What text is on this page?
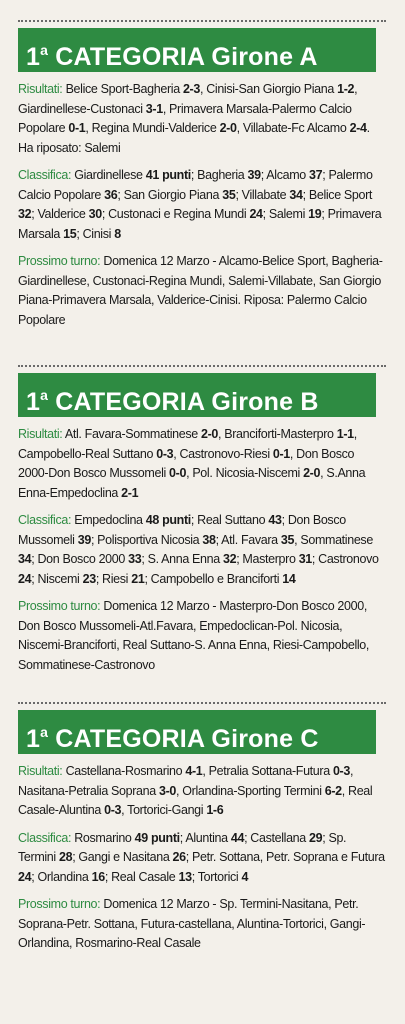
1$^a$ CATEGORIA Girone A
Risultati: Belice Sport-Bagheria 2-3, Cinisi-San Giorgio Piana 1-2, Giardinellese-Custonaci 3-1, Primavera Marsala-Palermo Calcio Popolare 0-1, Regina Mundi-Valderice 2-0, Villabate-Fc Alcamo 2-4. Ha riposato: Salemi
Classifica: Giardinellese 41 punti; Bagheria 39; Alcamo 37; Palermo Calcio Popolare 36; San Giorgio Piana 35; Villabate 34; Belice Sport 32; Valderice 30; Custonaci e Regina Mundi 24; Salemi 19; Primavera Marsala 15; Cinisi 8
Prossimo turno: Domenica 12 Marzo - Alcamo-Belice Sport, Bagheria-Giardinellese, Custonaci-Regina Mundi, Salemi-Villabate, San Giorgio Piana-Primavera Marsala, Valderice-Cinisi. Riposa: Palermo Calcio Popolare
1$^a$ CATEGORIA Girone B
Risultati: Atl. Favara-Sommatinese 2-0, Branciforti-Masterpro 1-1, Campobello-Real Suttano 0-3, Castronovo-Riesi 0-1, Don Bosco 2000-Don Bosco Mussomeli 0-0, Pol. Nicosia-Niscemi 2-0, S.Anna Enna-Empedoclina 2-1
Classifica: Empedoclina 48 punti; Real Suttano 43; Don Bosco Mussomeli 39; Polisportiva Nicosia 38; Atl. Favara 35, Sommatinese 34; Don Bosco 2000 33; S. Anna Enna 32; Masterpro 31; Castronovo 24; Niscemi 23; Riesi 21; Campobello e Branciforti 14
Prossimo turno: Domenica 12 Marzo - Masterpro-Don Bosco 2000, Don Bosco Mussomeli-Atl.Favara, Empedoclican-Pol. Nicosia, Niscemi-Branciforti, Real Suttano-S. Anna Enna, Riesi-Campobello, Sommatinese-Castronovo
1$^a$ CATEGORIA Girone C
Risultati: Castellana-Rosmarino 4-1, Petralia Sottana-Futura 0-3, Nasitana-Petralia Soprana 3-0, Orlandina-Sporting Termini 6-2, Real Casale-Aluntina 0-3, Tortorici-Gangi 1-6
Classifica: Rosmarino 49 punti; Aluntina 44; Castellana 29; Sp. Termini 28; Gangi e Nasitana 26; Petr. Sottana, Petr. Soprana e Futura 24; Orlandina 16; Real Casale 13; Tortorici 4
Prossimo turno: Domenica 12 Marzo - Sp. Termini-Nasitana, Petr. Soprana-Petr. Sottana, Futura-castellana, Aluntina-Tortorici, Gangi-Orlandina, Rosmarino-Real Casale
